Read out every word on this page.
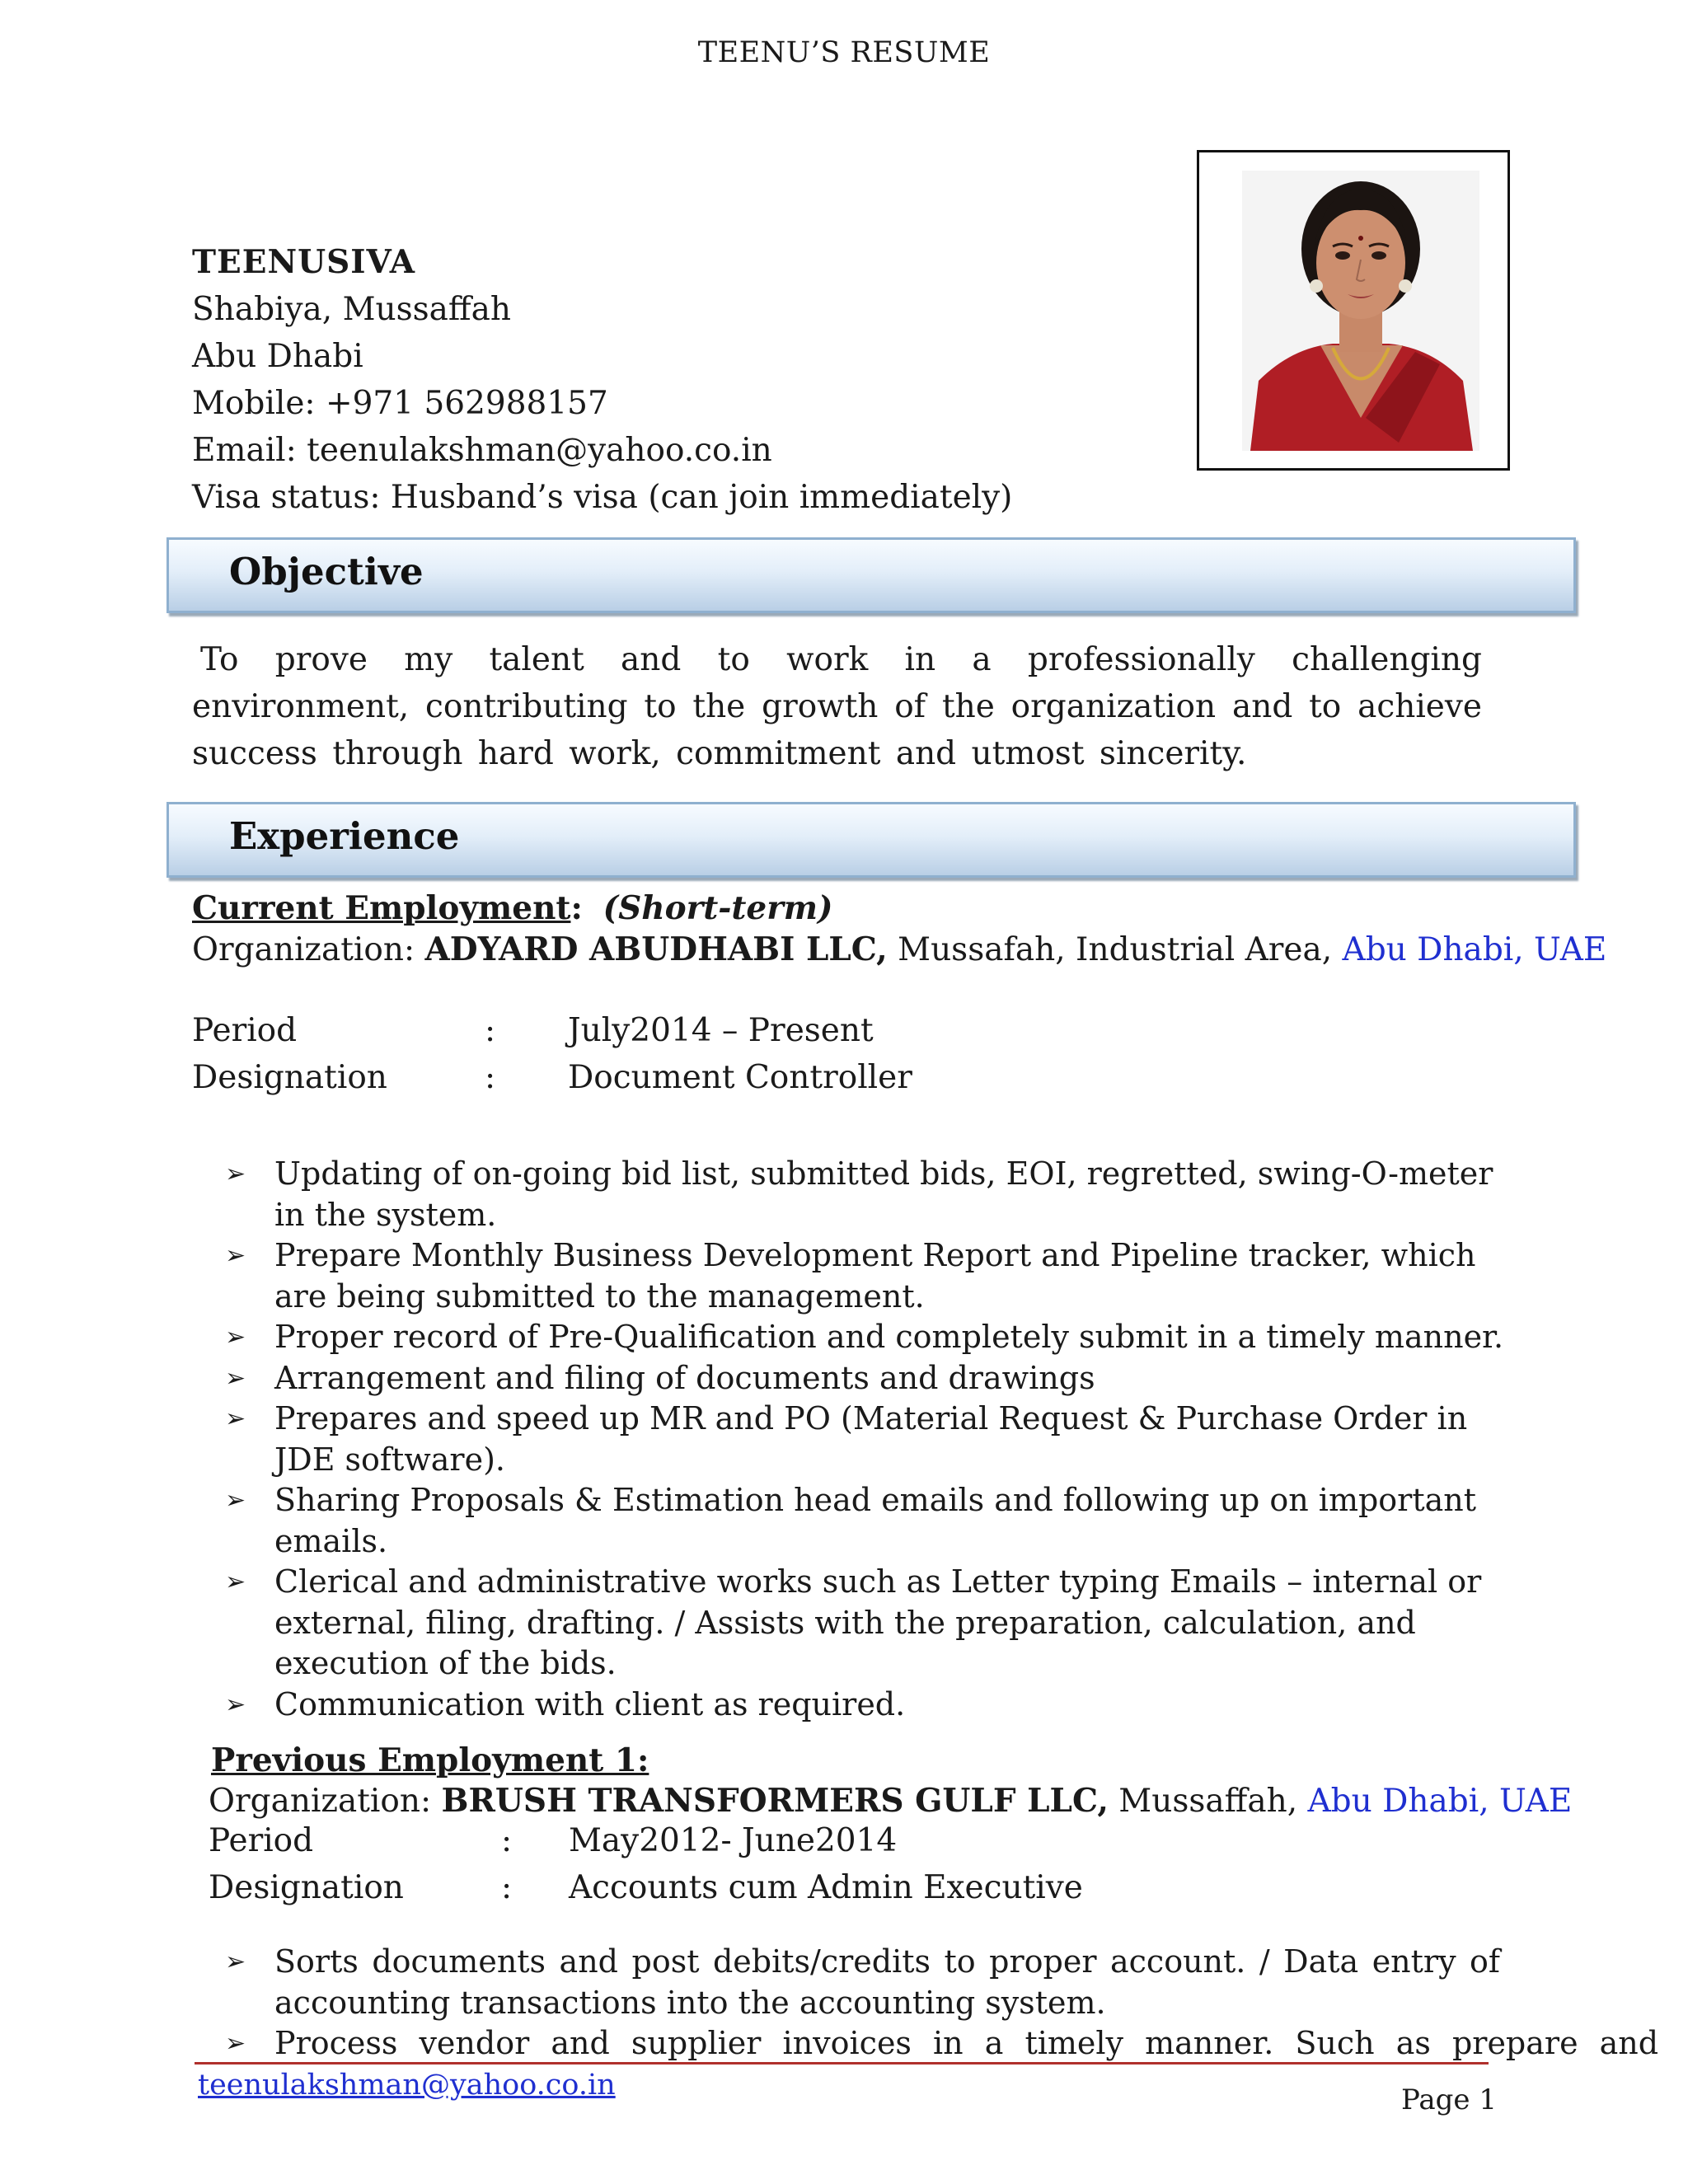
TEENU’S RESUME
TEENUSIVA
Shabiya, Mussaffah
Abu Dhabi
Mobile: +971 562988157
Email: teenulakshman@yahoo.co.in
Visa status: Husband’s visa (can join immediately)
Objective
To prove my talent and to work in a professionally challenging environment, contributing to the growth of the organization and to achieve success through hard work, commitment and utmost sincerity.
Experience
Current Employment: (Short-term)
Organization: ADYARD ABUDHABI LLC, Mussafah, Industrial Area, Abu Dhabi, UAE
Period	: July2014 – Present
Designation	: Document Controller
➢ Updating of on-going bid list, submitted bids, EOI, regretted, swing-O-meter in the system.
➢ Prepare Monthly Business Development Report and Pipeline tracker, which are being submitted to the management.
➢ Proper record of Pre-Qualification and completely submit in a timely manner.
➢ Arrangement and filing of documents and drawings
➢ Prepares and speed up MR and PO (Material Request & Purchase Order in JDE software).
➢ Sharing Proposals & Estimation head emails and following up on important emails.
➢ Clerical and administrative works such as Letter typing Emails – internal or external, filing, drafting. / Assists with the preparation, calculation, and execution of the bids.
➢ Communication with client as required.
Previous Employment 1:
Organization: BRUSH TRANSFORMERS GULF LLC, Mussaffah, Abu Dhabi, UAE
Period	: May2012- June2014
Designation	: Accounts cum Admin Executive
➢ Sorts documents and post debits/credits to proper account. / Data entry of accounting transactions into the accounting system.
➢ Process vendor and supplier invoices in a timely manner. Such as prepare and
teenulakshman@yahoo.co.in	Page 1
